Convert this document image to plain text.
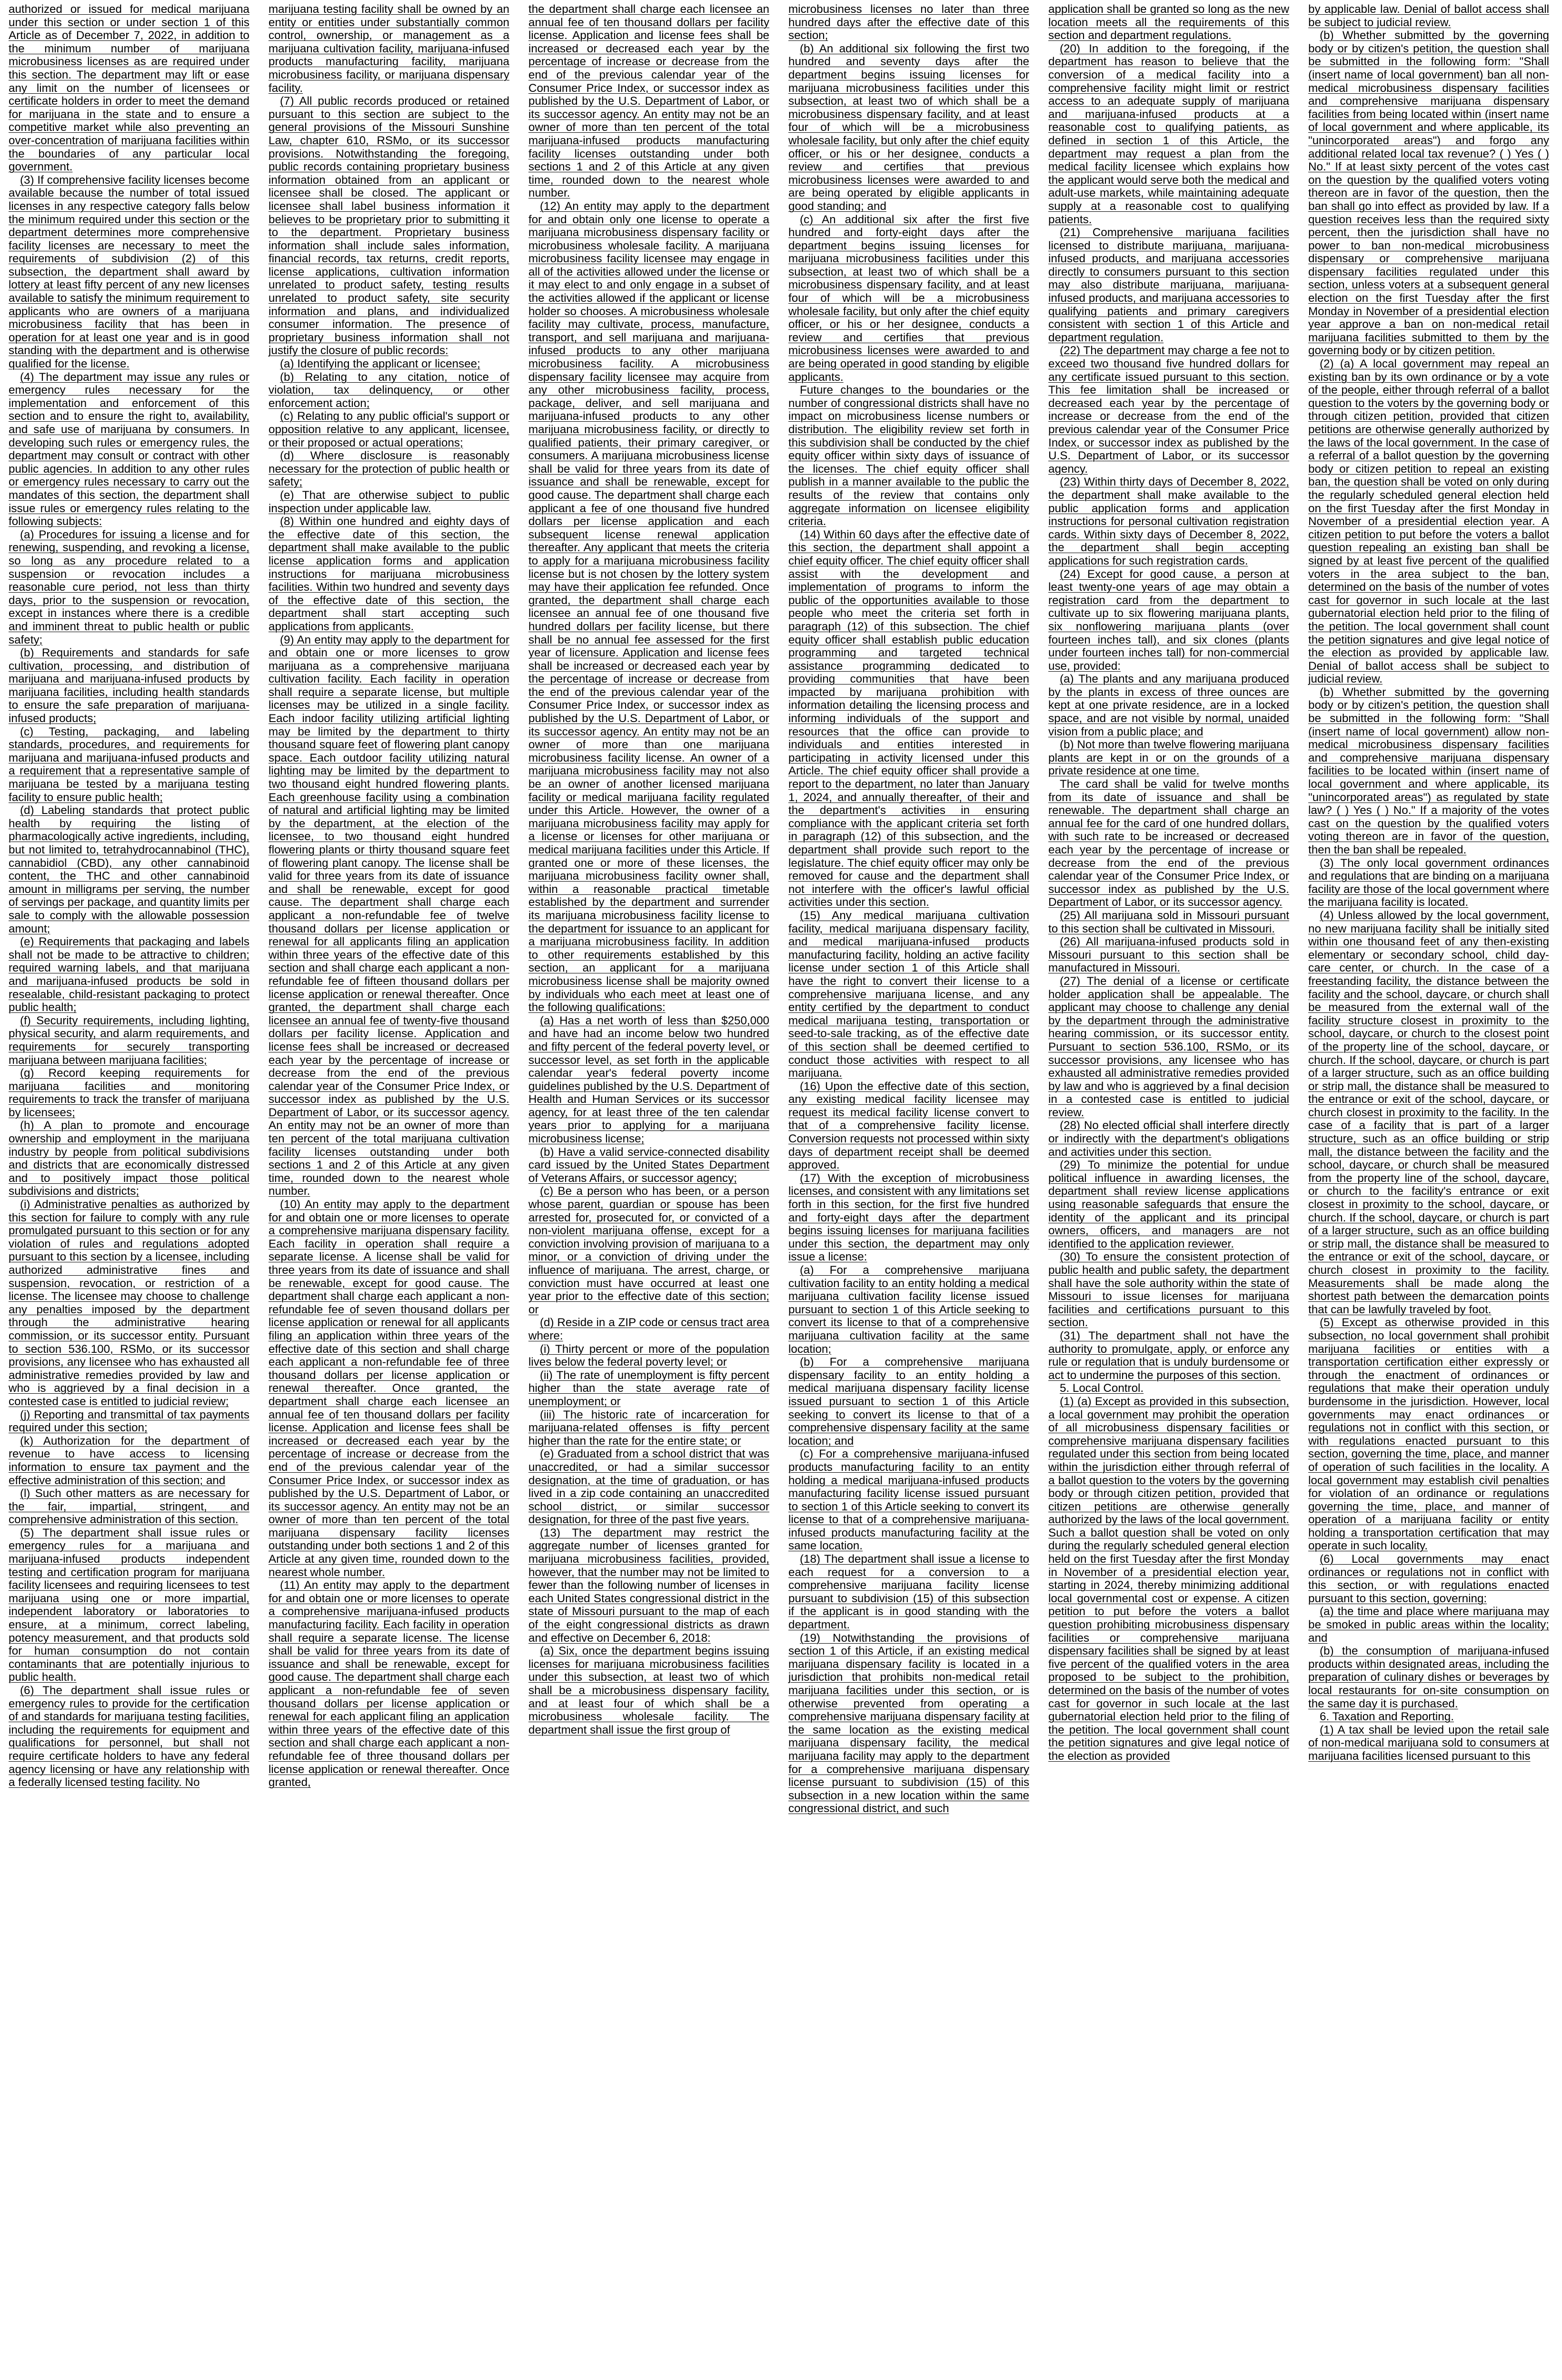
authorized or issued for medical marijuana under this section or under section 1 of this Article as of December 7, 2022, in addition to the minimum number of marijuana microbusiness licenses as are required under this section. The department may lift or ease any limit on the number of licensees or certificate holders in order to meet the demand for marijuana in the state and to ensure a competitive market while also preventing an over-concentration of marijuana facilities within the boundaries of any particular local government.

(3) If comprehensive facility licenses become available because the number of total issued licenses in any respective category falls below the minimum required under this section or the department determines more comprehensive facility licenses are necessary to meet the requirements of subdivision (2) of this subsection, the department shall award by lottery at least fifty percent of any new licenses available to satisfy the minimum requirement to applicants who are owners of a marijuana microbusiness facility that has been in operation for at least one year and is in good standing with the department and is otherwise qualified for the license.

(4) The department may issue any rules or emergency rules necessary for the implementation and enforcement of this section and to ensure the right to, availability, and safe use of marijuana by consumers. In developing such rules or emergency rules, the department may consult or contract with other public agencies. In addition to any other rules or emergency rules necessary to carry out the mandates of this section, the department shall issue rules or emergency rules relating to the following subjects:

(a) Procedures for issuing a license and for renewing, suspending, and revoking a license, so long as any procedure related to a suspension or revocation includes a reasonable cure period, not less than thirty days, prior to the suspension or revocation, except in instances where there is a credible and imminent threat to public health or public safety;

(b) Requirements and standards for safe cultivation, processing, and distribution of marijuana and marijuana-infused products by marijuana facilities, including health standards to ensure the safe preparation of marijuana-infused products;

(c) Testing, packaging, and labeling standards, procedures, and requirements for marijuana and marijuana-infused products and a requirement that a representative sample of marijuana be tested by a marijuana testing facility to ensure public health;

(d) Labeling standards that protect public health by requiring the listing of pharmacologically active ingredients, including, but not limited to, tetrahydrocannabinol (THC), cannabidiol (CBD), any other cannabinoid content, the THC and other cannabinoid amount in milligrams per serving, the number of servings per package, and quantity limits per sale to comply with the allowable possession amount;

(e) Requirements that packaging and labels shall not be made to be attractive to children; required warning labels, and that marijuana and marijuana-infused products be sold in resealable, child-resistant packaging to protect public health;

(f) Security requirements, including lighting, physical security, and alarm requirements, and requirements for securely transporting marijuana between marijuana facilities;

(g) Record keeping requirements for marijuana facilities and monitoring requirements to track the transfer of marijuana by licensees;

(h) A plan to promote and encourage ownership and employment in the marijuana industry by people from political subdivisions and districts that are economically distressed and to positively impact those political subdivisions and districts;

(i) Administrative penalties as authorized by this section for failure to comply with any rule promulgated pursuant to this section or for any violation of rules and regulations adopted pursuant to this section by a licensee, including authorized administrative fines and suspension, revocation, or restriction of a license. The licensee may choose to challenge any penalties imposed by the department through the administrative hearing commission, or its successor entity. Pursuant to section 536.100, RSMo, or its successor provisions, any licensee who has exhausted all administrative remedies provided by law and who is aggrieved by a final decision in a contested case is entitled to judicial review;

(j) Reporting and transmittal of tax payments required under this section;

(k) Authorization for the department of revenue to have access to licensing information to ensure tax payment and the effective administration of this section; and

(l) Such other matters as are necessary for the fair, impartial, stringent, and comprehensive administration of this section.

(5) The department shall issue rules or emergency rules for a marijuana and marijuana-infused products independent testing and certification program for marijuana facility licensees and requiring licensees to test marijuana using one or more impartial, independent laboratory or laboratories to ensure, at a minimum, correct labeling, potency measurement, and that products sold for human consumption do not contain contaminants that are potentially injurious to public health.

(6) The department shall issue rules or emergency rules to provide for the certification of and standards for marijuana testing facilities, including the requirements for equipment and qualifications for personnel, but shall not require certificate holders to have any federal agency licensing or have any relationship with a federally licensed testing facility. No

marijuana testing facility shall be owned by an entity or entities under substantially common control, ownership, or management as a marijuana cultivation facility, marijuana-infused products manufacturing facility, marijuana microbusiness facility, or marijuana dispensary facility.

(7) All public records produced or retained pursuant to this section are subject to the general provisions of the Missouri Sunshine Law, chapter 610, RSMo, or its successor provisions. Notwithstanding the foregoing, public records containing proprietary business information obtained from an applicant or licensee shall be closed. The applicant or licensee shall label business information it believes to be proprietary prior to submitting it to the department. Proprietary business information shall include sales information, financial records, tax returns, credit reports, license applications, cultivation information unrelated to product safety, testing results unrelated to product safety, site security information and plans, and individualized consumer information. The presence of proprietary business information shall not justify the closure of public records:

(a) Identifying the applicant or licensee;

(b) Relating to any citation, notice of violation, tax delinquency, or other enforcement action;

(c) Relating to any public official's support or opposition relative to any applicant, licensee, or their proposed or actual operations;

(d) Where disclosure is reasonably necessary for the protection of public health or safety;

(e) That are otherwise subject to public inspection under applicable law.

(8) Within one hundred and eighty days of the effective date of this section, the department shall make available to the public license application forms and application instructions for marijuana microbusiness facilities. Within two hundred and seventy days of the effective date of this section, the department shall start accepting such applications from applicants.

(9) An entity may apply to the department for and obtain one or more licenses to grow marijuana as a comprehensive marijuana cultivation facility. Each facility in operation shall require a separate license, but multiple licenses may be utilized in a single facility. Each indoor facility utilizing artificial lighting may be limited by the department to thirty thousand square feet of flowering plant canopy space. Each outdoor facility utilizing natural lighting may be limited by the department to two thousand eight hundred flowering plants. Each greenhouse facility using a combination of natural and artificial lighting may be limited by the department, at the election of the licensee, to two thousand eight hundred flowering plants or thirty thousand square feet of flowering plant canopy. The license shall be valid for three years from its date of issuance and shall be renewable, except for good cause. The department shall charge each applicant a non-refundable fee of twelve thousand dollars per license application or renewal for all applicants filing an application within three years of the effective date of this section and shall charge each applicant a non-refundable fee of fifteen thousand dollars per license application or renewal thereafter. Once granted, the department shall charge each licensee an annual fee of twenty-five thousand dollars per facility license. Application and license fees shall be increased or decreased each year by the percentage of increase or decrease from the end of the previous calendar year of the Consumer Price Index, or successor index as published by the U.S. Department of Labor, or its successor agency. An entity may not be an owner of more than ten percent of the total marijuana cultivation facility licenses outstanding under both sections 1 and 2 of this Article at any given time, rounded down to the nearest whole number.

(10) An entity may apply to the department for and obtain one or more licenses to operate a comprehensive marijuana dispensary facility. Each facility in operation shall require a separate license. A license shall be valid for three years from its date of issuance and shall be renewable, except for good cause. The department shall charge each applicant a non-refundable fee of seven thousand dollars per license application or renewal for all applicants filing an application within three years of the effective date of this section and shall charge each applicant a non-refundable fee of three thousand dollars per license application or renewal thereafter. Once granted, the department shall charge each licensee an annual fee of ten thousand dollars per facility license. Application and license fees shall be increased or decreased each year by the percentage of increase or decrease from the end of the previous calendar year of the Consumer Price Index, or successor index as published by the U.S. Department of Labor, or its successor agency. An entity may not be an owner of more than ten percent of the total marijuana dispensary facility licenses outstanding under both sections 1 and 2 of this Article at any given time, rounded down to the nearest whole number.

(11) An entity may apply to the department for and obtain one or more licenses to operate a comprehensive marijuana-infused products manufacturing facility. Each facility in operation shall require a separate license. The license shall be valid for three years from its date of issuance and shall be renewable, except for good cause. The department shall charge each applicant a non-refundable fee of seven thousand dollars per license application or renewal for each applicant filing an application within three years of the effective date of this section and shall charge each applicant a non-refundable fee of three thousand dollars per license application or renewal thereafter. Once granted,

the department shall charge each licensee an annual fee of ten thousand dollars per facility license. Application and license fees shall be increased or decreased each year by the percentage of increase or decrease from the end of the previous calendar year of the Consumer Price Index, or successor index as published by the U.S. Department of Labor, or its successor agency. An entity may not be an owner of more than ten percent of the total marijuana-infused products manufacturing facility licenses outstanding under both sections 1 and 2 of this Article at any given time, rounded down to the nearest whole number.

(12) An entity may apply to the department for and obtain only one license to operate a marijuana microbusiness dispensary facility or microbusiness wholesale facility. A marijuana microbusiness facility licensee may engage in all of the activities allowed under the license or it may elect to and only engage in a subset of the activities allowed if the applicant or license holder so chooses. A microbusiness wholesale facility may cultivate, process, manufacture, transport, and sell marijuana and marijuana-infused products to any other marijuana microbusiness facility. A microbusiness dispensary facility licensee may acquire from any other microbusiness facility, process, package, deliver, and sell marijuana and marijuana-infused products to any other marijuana microbusiness facility, or directly to qualified patients, their primary caregiver, or consumers. A marijuana microbusiness license shall be valid for three years from its date of issuance and shall be renewable, except for good cause. The department shall charge each applicant a fee of one thousand five hundred dollars per license application and each subsequent license renewal application thereafter. Any applicant that meets the criteria to apply for a marijuana microbusiness facility license but is not chosen by the lottery system may have their application fee refunded. Once granted, the department shall charge each licensee an annual fee of one thousand five hundred dollars per facility license, but there shall be no annual fee assessed for the first year of licensure. Application and license fees shall be increased or decreased each year by the percentage of increase or decrease from the end of the previous calendar year of the Consumer Price Index, or successor index as published by the U.S. Department of Labor, or its successor agency. An entity may not be an owner of more than one marijuana microbusiness facility license. An owner of a marijuana microbusiness facility may not also be an owner of another licensed marijuana facility or medical marijuana facility regulated under this Article. However, the owner of a marijuana microbusiness facility may apply for a license or licenses for other marijuana or medical marijuana facilities under this Article. If granted one or more of these licenses, the marijuana microbusiness facility owner shall, within a reasonable practical timetable established by the department and surrender its marijuana microbusiness facility license to the department for issuance to an applicant for a marijuana microbusiness facility. In addition to other requirements established by this section, an applicant for a marijuana microbusiness license shall be majority owned by individuals who each meet at least one of the following qualifications:

(a) Has a net worth of less than $250,000 and have had an income below two hundred and fifty percent of the federal poverty level, or successor level, as set forth in the applicable calendar year's federal poverty income guidelines published by the U.S. Department of Health and Human Services or its successor agency, for at least three of the ten calendar years prior to applying for a marijuana microbusiness license;

(b) Have a valid service-connected disability card issued by the United States Department of Veterans Affairs, or successor agency;

(c) Be a person who has been, or a person whose parent, guardian or spouse has been arrested for, prosecuted for, or convicted of a non-violent marijuana offense, except for a conviction involving provision of marijuana to a minor, or a conviction of driving under the influence of marijuana. The arrest, charge, or conviction must have occurred at least one year prior to the effective date of this section; or

(d) Reside in a ZIP code or census tract area where:

(i) Thirty percent or more of the population lives below the federal poverty level; or

(ii) The rate of unemployment is fifty percent higher than the state average rate of unemployment; or

(iii) The historic rate of incarceration for marijuana-related offenses is fifty percent higher than the rate for the entire state; or

(e) Graduated from a school district that was unaccredited, or had a similar successor designation, at the time of graduation, or has lived in a zip code containing an unaccredited school district, or similar successor designation, for three of the past five years.

(13) The department may restrict the aggregate number of licenses granted for marijuana microbusiness facilities, provided, however, that the number may not be limited to fewer than the following number of licenses in each United States congressional district in the state of Missouri pursuant to the map of each of the eight congressional districts as drawn and effective on December 6, 2018:

(a) Six, once the department begins issuing licenses for marijuana microbusiness facilities under this subsection, at least two of which shall be a microbusiness dispensary facility, and at least four of which shall be a microbusiness wholesale facility. The department shall issue the first group of

microbusiness licenses no later than three hundred days after the effective date of this section;

(b) An additional six following the first two hundred and seventy days after the department begins issuing licenses for marijuana microbusiness facilities under this subsection, at least two of which shall be a microbusiness dispensary facility, and at least four of which will be a microbusiness wholesale facility, but only after the chief equity officer, or his or her designee, conducts a review and certifies that previous microbusiness licenses were awarded to and are being operated by eligible applicants in good standing; and

(c) An additional six after the first five hundred and forty-eight days after the department begins issuing licenses for marijuana microbusiness facilities under this subsection, at least two of which shall be a microbusiness dispensary facility, and at least four of which will be a microbusiness wholesale facility, but only after the chief equity officer, or his or her designee, conducts a review and certifies that previous microbusiness licenses were awarded to and are being operated in good standing by eligible applicants.

Future changes to the boundaries or the number of congressional districts shall have no impact on microbusiness license numbers or distribution. The eligibility review set forth in this subdivision shall be conducted by the chief equity officer within sixty days of issuance of the licenses. The chief equity officer shall publish in a manner available to the public the results of the review that contains only aggregate information on licensee eligibility criteria.

(14) Within 60 days after the effective date of this section, the department shall appoint a chief equity officer. The chief equity officer shall assist with the development and implementation of programs to inform the public of the opportunities available to those people who meet the criteria set forth in paragraph (12) of this subsection. The chief equity officer shall establish public education programming and targeted technical assistance programming dedicated to providing communities that have been impacted by marijuana prohibition with information detailing the licensing process and informing individuals of the support and resources that the office can provide to individuals and entities interested in participating in activity licensed under this Article. The chief equity officer shall provide a report to the department, no later than January 1, 2024, and annually thereafter, of their and the department's activities in ensuring compliance with the applicant criteria set forth in paragraph (12) of this subsection, and the department shall provide such report to the legislature. The chief equity officer may only be removed for cause and the department shall not interfere with the officer's lawful official activities under this section.

(15) Any medical marijuana cultivation facility, medical marijuana dispensary facility, and medical marijuana-infused products manufacturing facility, holding an active facility license under section 1 of this Article shall have the right to convert their license to a comprehensive marijuana license, and any entity certified by the department to conduct medical marijuana testing, transportation or seed-to-sale tracking, as of the effective date of this section shall be deemed certified to conduct those activities with respect to all marijuana.

(16) Upon the effective date of this section, any existing medical facility licensee may request its medical facility license convert to that of a comprehensive facility license. Conversion requests not processed within sixty days of department receipt shall be deemed approved.

(17) With the exception of microbusiness licenses, and consistent with any limitations set forth in this section, for the first five hundred and forty-eight days after the department begins issuing licenses for marijuana facilities under this section, the department may only issue a license:

(a) For a comprehensive marijuana cultivation facility to an entity holding a medical marijuana cultivation facility license issued pursuant to section 1 of this Article seeking to convert its license to that of a comprehensive marijuana cultivation facility at the same location;

(b) For a comprehensive marijuana dispensary facility to an entity holding a medical marijuana dispensary facility license issued pursuant to section 1 of this Article seeking to convert its license to that of a comprehensive dispensary facility at the same location; and

(c) For a comprehensive marijuana-infused products manufacturing facility to an entity holding a medical marijuana-infused products manufacturing facility license issued pursuant to section 1 of this Article seeking to convert its license to that of a comprehensive marijuana-infused products manufacturing facility at the same location.

(18) The department shall issue a license to each request for a conversion to a comprehensive marijuana facility license pursuant to subdivision (15) of this subsection if the applicant is in good standing with the department.

(19) Notwithstanding the provisions of section 1 of this Article, if an existing medical marijuana dispensary facility is located in a jurisdiction that prohibits non-medical retail marijuana facilities under this section, or is otherwise prevented from operating a comprehensive marijuana dispensary facility at the same location as the existing medical marijuana dispensary facility, the medical marijuana facility may apply to the department for a comprehensive marijuana dispensary license pursuant to subdivision (15) of this subsection in a new location within the same congressional district, and such

application shall be granted so long as the new location meets all the requirements of this section and department regulations.

(20) In addition to the foregoing, if the department has reason to believe that the conversion of a medical facility into a comprehensive facility might limit or restrict access to an adequate supply of marijuana and marijuana-infused products at a reasonable cost to qualifying patients, as defined in section 1 of this Article, the department may request a plan from the medical facility licensee which explains how the applicant would serve both the medical and adult-use markets, while maintaining adequate supply at a reasonable cost to qualifying patients.

(21) Comprehensive marijuana facilities licensed to distribute marijuana, marijuana-infused products, and marijuana accessories directly to consumers pursuant to this section may also distribute marijuana, marijuana-infused products, and marijuana accessories to qualifying patients and primary caregivers consistent with section 1 of this Article and department regulation.

(22) The department may charge a fee not to exceed two thousand five hundred dollars for any certificate issued pursuant to this section. This fee limitation shall be increased or decreased each year by the percentage of increase or decrease from the end of the previous calendar year of the Consumer Price Index, or successor index as published by the U.S. Department of Labor, or its successor agency.

(23) Within thirty days of December 8, 2022, the department shall make available to the public application forms and application instructions for personal cultivation registration cards. Within sixty days of December 8, 2022, the department shall begin accepting applications for such registration cards.

(24) Except for good cause, a person at least twenty-one years of age may obtain a registration card from the department to cultivate up to six flowering marijuana plants, six nonflowering marijuana plants (over fourteen inches tall), and six clones (plants under fourteen inches tall) for non-commercial use, provided:

(a) The plants and any marijuana produced by the plants in excess of three ounces are kept at one private residence, are in a locked space, and are not visible by normal, unaided vision from a public place; and

(b) Not more than twelve flowering marijuana plants are kept in or on the grounds of a private residence at one time.

The card shall be valid for twelve months from its date of issuance and shall be renewable. The department shall charge an annual fee for the card of one hundred dollars, with such rate to be increased or decreased each year by the percentage of increase or decrease from the end of the previous calendar year of the Consumer Price Index, or successor index as published by the U.S. Department of Labor, or its successor agency.

(25) All marijuana sold in Missouri pursuant to this section shall be cultivated in Missouri.

(26) All marijuana-infused products sold in Missouri pursuant to this section shall be manufactured in Missouri.

(27) The denial of a license or certificate holder application shall be appealable. The applicant may choose to challenge any denial by the department through the administrative hearing commission, or its successor entity. Pursuant to section 536.100, RSMo, or its successor provisions, any licensee who has exhausted all administrative remedies provided by law and who is aggrieved by a final decision in a contested case is entitled to judicial review.

(28) No elected official shall interfere directly or indirectly with the department's obligations and activities under this section.

(29) To minimize the potential for undue political influence in awarding licenses, the department shall review license applications using reasonable safeguards that ensure the identity of the applicant and its principal owners, officers, and managers are not identified to the application reviewer.

(30) To ensure the consistent protection of public health and public safety, the department shall have the sole authority within the state of Missouri to issue licenses for marijuana facilities and certifications pursuant to this section.

(31) The department shall not have the authority to promulgate, apply, or enforce any rule or regulation that is unduly burdensome or act to undermine the purposes of this section.

5. Local Control.

(1) (a) Except as provided in this subsection, a local government may prohibit the operation of all microbusiness dispensary facilities or comprehensive marijuana dispensary facilities regulated under this section from being located within the jurisdiction either through referral of a ballot question to the voters by the governing body or through citizen petition, provided that citizen petitions are otherwise generally authorized by the laws of the local government. Such a ballot question shall be voted on only during the regularly scheduled general election held on the first Tuesday after the first Monday in November of a presidential election year, starting in 2024, thereby minimizing additional local governmental cost or expense. A citizen petition to put before the voters a ballot question prohibiting microbusiness dispensary facilities or comprehensive marijuana dispensary facilities shall be signed by at least five percent of the qualified voters in the area proposed to be subject to the prohibition, determined on the basis of the number of votes cast for governor in such locale at the last gubernatorial election held prior to the filing of the petition. The local government shall count the petition signatures and give legal notice of the election as provided

by applicable law. Denial of ballot access shall be subject to judicial review.

(b) Whether submitted by the governing body or by citizen's petition, the question shall be submitted in the following form: "Shall (insert name of local government) ban all non-medical microbusiness dispensary facilities and comprehensive marijuana dispensary facilities from being located within (insert name of local government and where applicable, its "unincorporated areas") and forgo any additional related local tax revenue? ( ) Yes ( ) No." If at least sixty percent of the votes cast on the question by the qualified voters voting thereon are in favor of the question, then the ban shall go into effect as provided by law. If a question receives less than the required sixty percent, then the jurisdiction shall have no power to ban non-medical microbusiness dispensary or comprehensive marijuana dispensary facilities regulated under this section, unless voters at a subsequent general election on the first Tuesday after the first Monday in November of a presidential election year approve a ban on non-medical retail marijuana facilities submitted to them by the governing body or by citizen petition.

(2) (a) A local government may repeal an existing ban by its own ordinance or by a vote of the people, either through referral of a ballot question to the voters by the governing body or through citizen petition, provided that citizen petitions are otherwise generally authorized by the laws of the local government. In the case of a referral of a ballot question by the governing body or citizen petition to repeal an existing ban, the question shall be voted on only during the regularly scheduled general election held on the first Tuesday after the first Monday in November of a presidential election year. A citizen petition to put before the voters a ballot question repealing an existing ban shall be signed by at least five percent of the qualified voters in the area subject to the ban, determined on the basis of the number of votes cast for governor in such locale at the last gubernatorial election held prior to the filing of the petition. The local government shall count the petition signatures and give legal notice of the election as provided by applicable law. Denial of ballot access shall be subject to judicial review.

(b) Whether submitted by the governing body or by citizen's petition, the question shall be submitted in the following form: "Shall (insert name of local government) allow non-medical microbusiness dispensary facilities and comprehensive marijuana dispensary facilities to be located within (insert name of local government and where applicable, its "unincorporated areas") as regulated by state law? ( ) Yes ( ) No." If a majority of the votes cast on the question by the qualified voters voting thereon are in favor of the question, then the ban shall be repealed.

(3) The only local government ordinances and regulations that are binding on a marijuana facility are those of the local government where the marijuana facility is located.

(4) Unless allowed by the local government, no new marijuana facility shall be initially sited within one thousand feet of any then-existing elementary or secondary school, child day-care center, or church. In the case of a freestanding facility, the distance between the facility and the school, daycare, or church shall be measured from the external wall of the facility structure closest in proximity to the school, daycare, or church to the closest point of the property line of the school, daycare, or church. If the school, daycare, or church is part of a larger structure, such as an office building or strip mall, the distance shall be measured to the entrance or exit of the school, daycare, or church closest in proximity to the facility. In the case of a facility that is part of a larger structure, such as an office building or strip mall, the distance between the facility and the school, daycare, or church shall be measured from the property line of the school, daycare, or church to the facility's entrance or exit closest in proximity to the school, daycare, or church. If the school, daycare, or church is part of a larger structure, such as an office building or strip mall, the distance shall be measured to the entrance or exit of the school, daycare, or church closest in proximity to the facility. Measurements shall be made along the shortest path between the demarcation points that can be lawfully traveled by foot.

(5) Except as otherwise provided in this subsection, no local government shall prohibit marijuana facilities or entities with a transportation certification either expressly or through the enactment of ordinances or regulations that make their operation unduly burdensome in the jurisdiction. However, local governments may enact ordinances or regulations not in conflict with this section, or with regulations enacted pursuant to this section, governing the time, place, and manner of operation of such facilities in the locality. A local government may establish civil penalties for violation of an ordinance or regulations governing the time, place, and manner of operation of a marijuana facility or entity holding a transportation certification that may operate in such locality.

(6) Local governments may enact ordinances or regulations not in conflict with this section, or with regulations enacted pursuant to this section, governing:

(a) the time and place where marijuana may be smoked in public areas within the locality; and

(b) the consumption of marijuana-infused products within designated areas, including the preparation of culinary dishes or beverages by local restaurants for on-site consumption on the same day it is purchased.

6. Taxation and Reporting.

(1) A tax shall be levied upon the retail sale of non-medical marijuana sold to consumers at marijuana facilities licensed pursuant to this
